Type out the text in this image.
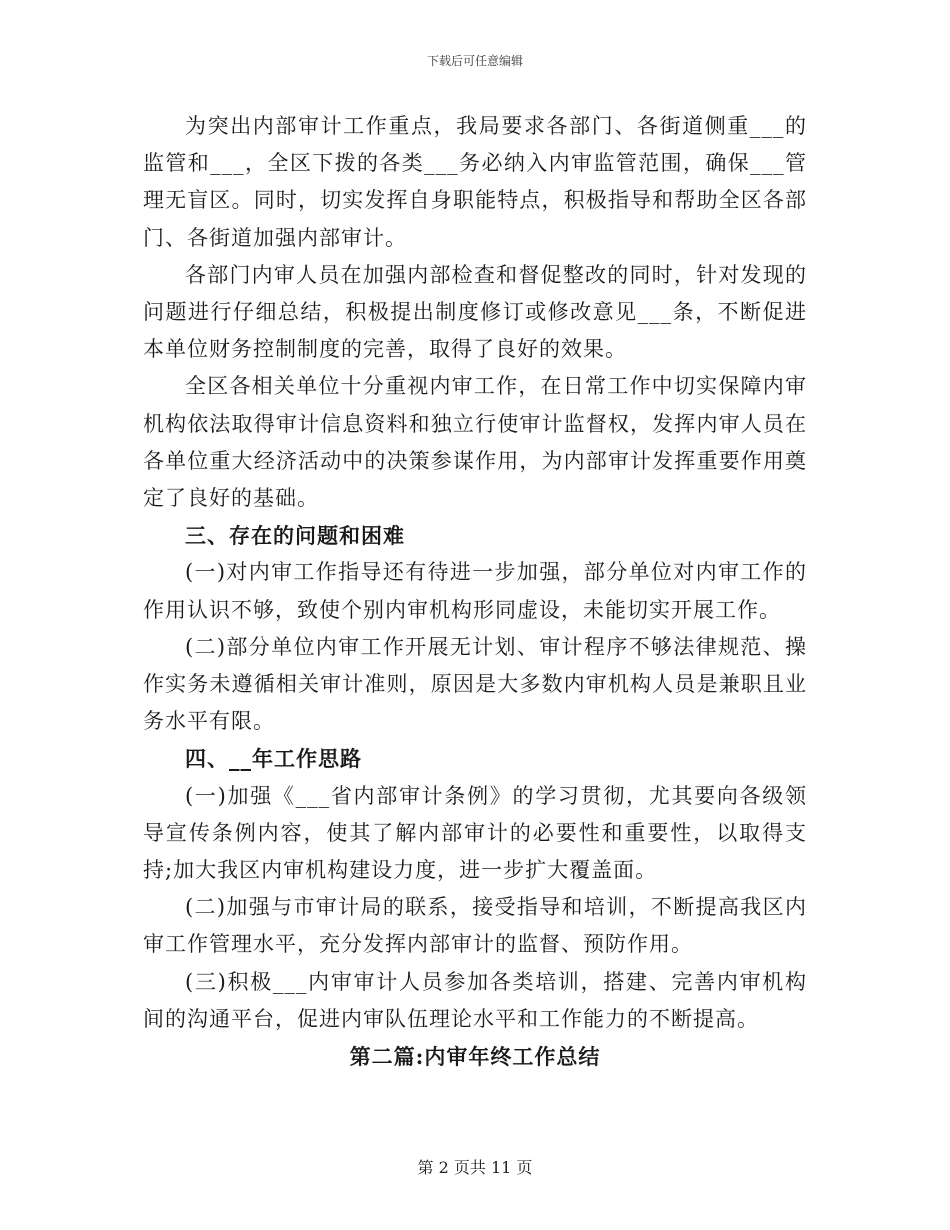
下载后可任意编辑

为突出内部审计工作重点，我局要求各部门、各街道侧重___的监管和___，全区下拨的各类___务必纳入内审监管范围，确保___管理无盲区。同时，切实发挥自身职能特点，积极指导和帮助全区各部门、各街道加强内部审计。

各部门内审人员在加强内部检查和督促整改的同时，针对发现的问题进行仔细总结，积极提出制度修订或修改意见___条，不断促进本单位财务控制制度的完善，取得了良好的效果。

全区各相关单位十分重视内审工作，在日常工作中切实保障内审机构依法取得审计信息资料和独立行使审计监督权，发挥内审人员在各单位重大经济活动中的决策参谋作用，为内部审计发挥重要作用奠定了良好的基础。

三、存在的问题和困难

(一)对内审工作指导还有待进一步加强，部分单位对内审工作的作用认识不够，致使个别内审机构形同虚设，未能切实开展工作。

(二)部分单位内审工作开展无计划、审计程序不够法律规范、操作实务未遵循相关审计准则，原因是大多数内审机构人员是兼职且业务水平有限。

四、__年工作思路

(一)加强《___省内部审计条例》的学习贯彻，尤其要向各级领导宣传条例内容，使其了解内部审计的必要性和重要性，以取得支持;加大我区内审机构建设力度，进一步扩大覆盖面。

(二)加强与市审计局的联系，接受指导和培训，不断提高我区内审工作管理水平，充分发挥内部审计的监督、预防作用。

(三)积极___内审审计人员参加各类培训，搭建、完善内审机构间的沟通平台，促进内审队伍理论水平和工作能力的不断提高。

第二篇:内审年终工作总结

第 2 页共 11 页
